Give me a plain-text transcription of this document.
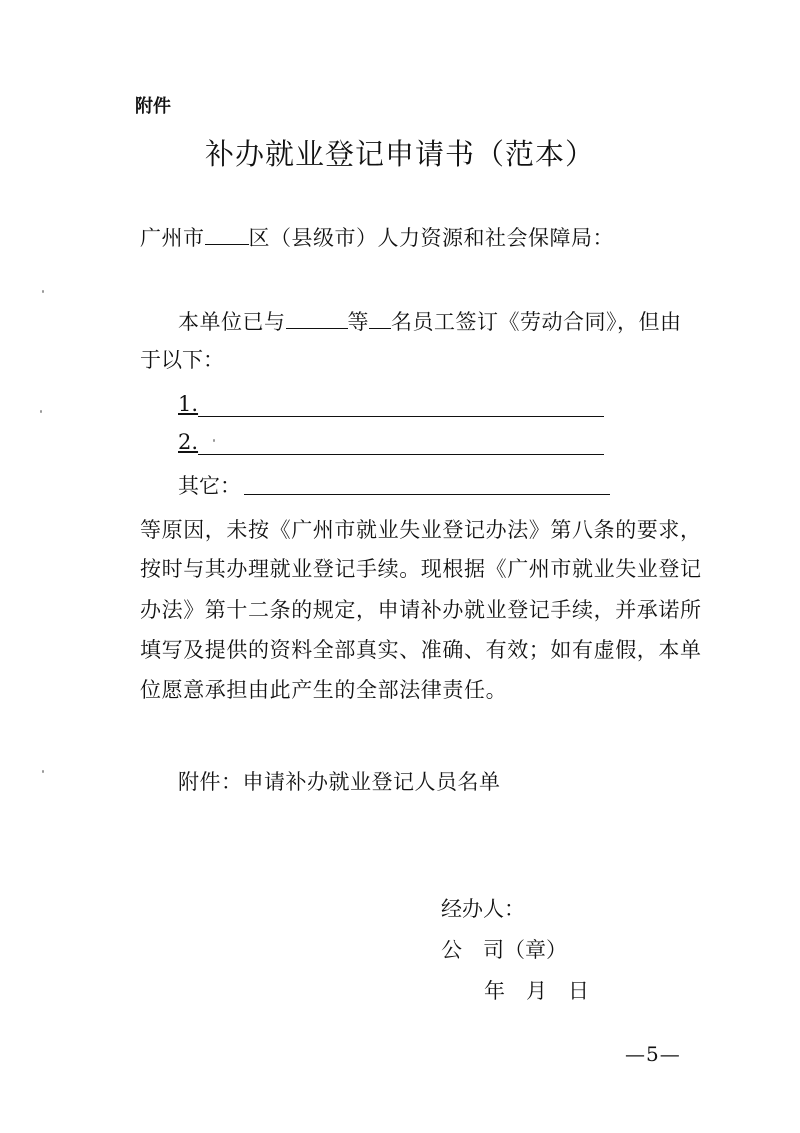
附件
补办就业登记申请书（范本）
广州市 区（县级市）人力资源和社会保障局：
本单位已与	等 名员工签订《劳动合同》，但由
于以下：
1.
2.
其它：
等原因，未按《广州市就业失业登记办法》第八条的要求，
按时与其办理就业登记手续。现根据《广州市就业失业登记
办法》第十二条的规定，申请补办就业登记手续，并承诺所
填写及提供的资料全部真实、准确、有效；如有虚假，本单
位愿意承担由此产生的全部法律责任。
附件：申请补办就业登记人员名单
经办人：
公　司（章）
年　月　日
—5—
